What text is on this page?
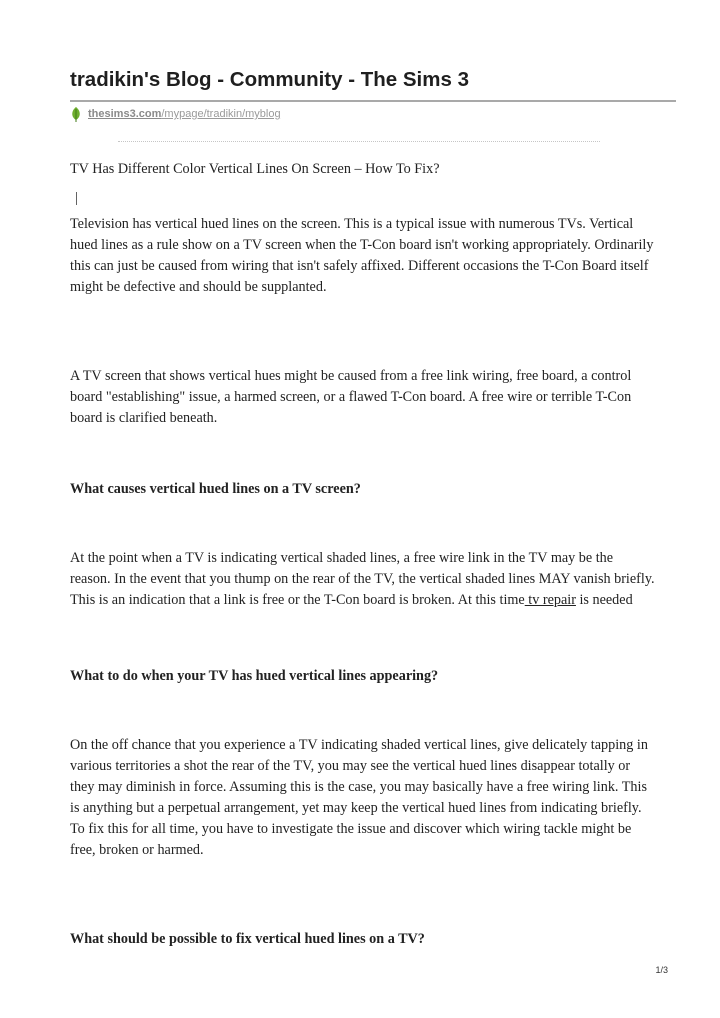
tradikin's Blog - Community - The Sims 3
thesims3.com /mypage/tradikin/myblog

TV Has Different Color Vertical Lines On Screen – How To Fix?

|

Television has vertical hued lines on the screen. This is a typical issue with numerous TVs. Vertical hued lines as a rule show on a TV screen when the T-Con board isn't working appropriately. Ordinarily this can just be caused from wiring that isn't safely affixed. Different occasions the T-Con Board itself might be defective and should be supplanted.

A TV screen that shows vertical hues might be caused from a free link wiring, free board, a control board "establishing" issue, a harmed screen, or a flawed T-Con board. A free wire or terrible T-Con board is clarified beneath.

What causes vertical hued lines on a TV screen?

At the point when a TV is indicating vertical shaded lines, a free wire link in the TV may be the reason. In the event that you thump on the rear of the TV, the vertical shaded lines MAY vanish briefly. This is an indication that a link is free or the T-Con board is broken. At this time tv repair is needed

What to do when your TV has hued vertical lines appearing?

On the off chance that you experience a TV indicating shaded vertical lines, give delicately tapping in various territories a shot the rear of the TV, you may see the vertical hued lines disappear totally or they may diminish in force. Assuming this is the case, you may basically have a free wiring link. This is anything but a perpetual arrangement, yet may keep the vertical hued lines from indicating briefly. To fix this for all time, you have to investigate the issue and discover which wiring tackle might be free, broken or harmed.

What should be possible to fix vertical hued lines on a TV?
1/3
